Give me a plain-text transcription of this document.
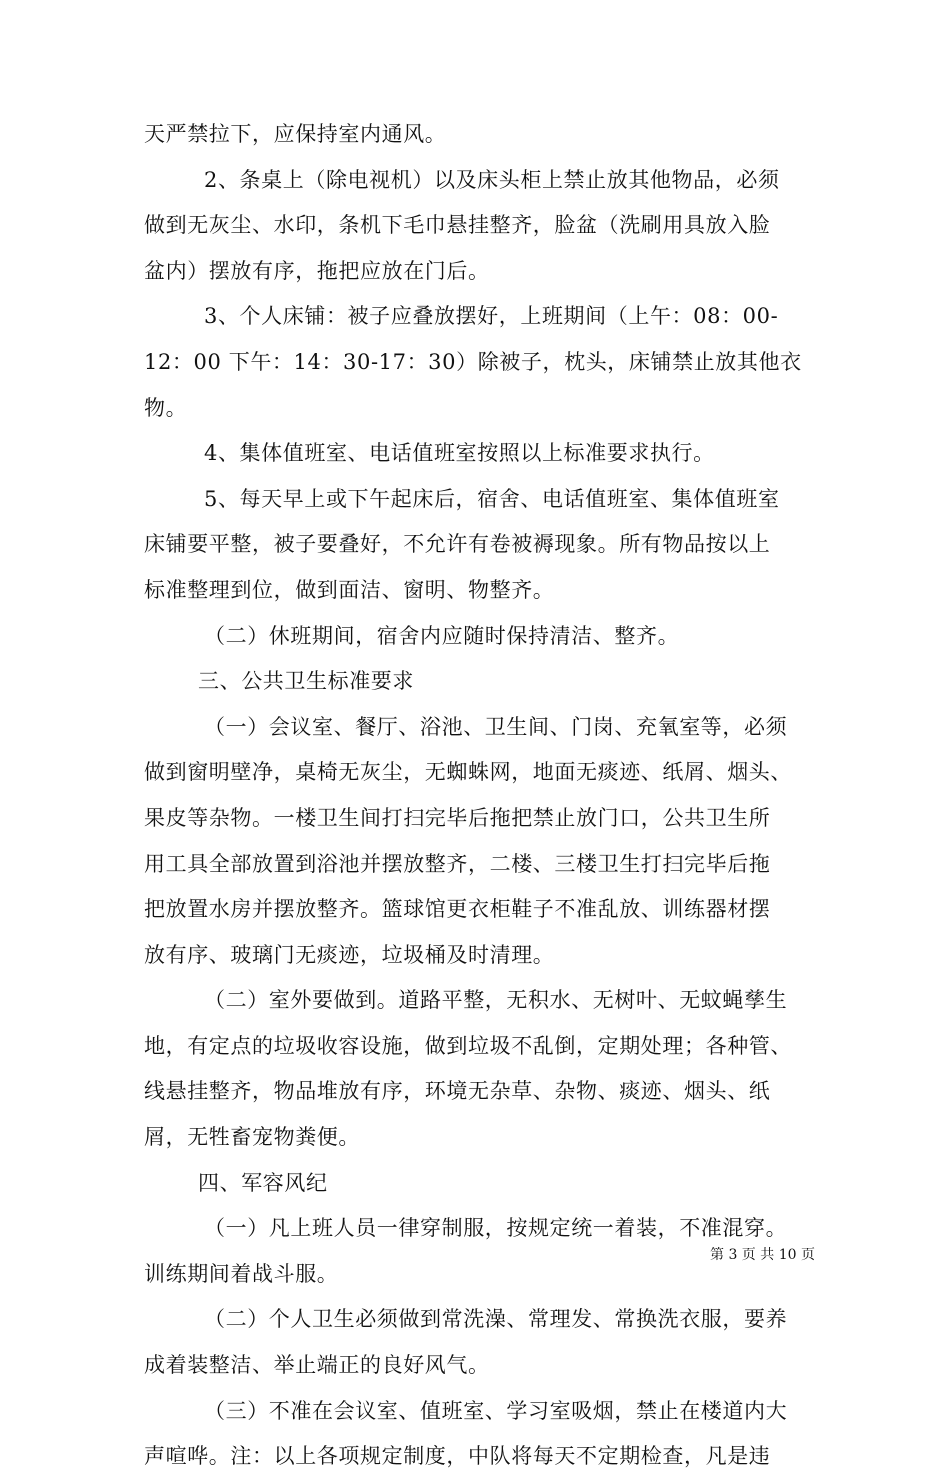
天严禁拉下，应保持室内通风。
2、条桌上（除电视机）以及床头柜上禁止放其他物品，必须
做到无灰尘、水印，条机下毛巾悬挂整齐，脸盆（洗刷用具放入脸
盆内）摆放有序，拖把应放在门后。
3、个人床铺：被子应叠放摆好，上班期间（上午：08：00-
12：00 下午：14：30-17：30）除被子，枕头，床铺禁止放其他衣
物。
4、集体值班室、电话值班室按照以上标准要求执行。
5、每天早上或下午起床后，宿舍、电话值班室、集体值班室
床铺要平整，被子要叠好，不允许有卷被褥现象。所有物品按以上
标准整理到位，做到面洁、窗明、物整齐。
（二）休班期间，宿舍内应随时保持清洁、整齐。
三、公共卫生标准要求
（一）会议室、餐厅、浴池、卫生间、门岗、充氧室等，必须
做到窗明壁净，桌椅无灰尘，无蜘蛛网，地面无痰迹、纸屑、烟头、
果皮等杂物。一楼卫生间打扫完毕后拖把禁止放门口，公共卫生所
用工具全部放置到浴池并摆放整齐，二楼、三楼卫生打扫完毕后拖
把放置水房并摆放整齐。篮球馆更衣柜鞋子不准乱放、训练器材摆
放有序、玻璃门无痰迹，垃圾桶及时清理。
（二）室外要做到。道路平整，无积水、无树叶、无蚊蝇孳生
地，有定点的垃圾收容设施，做到垃圾不乱倒，定期处理；各种管、
线悬挂整齐，物品堆放有序，环境无杂草、杂物、痰迹、烟头、纸
屑，无牲畜宠物粪便。
四、军容风纪
（一）凡上班人员一律穿制服，按规定统一着装，不准混穿。
训练期间着战斗服。
（二）个人卫生必须做到常洗澡、常理发、常换洗衣服，要养
成着装整洁、举止端正的良好风气。
（三）不准在会议室、值班室、学习室吸烟，禁止在楼道内大
声喧哗。注：以上各项规定制度，中队将每天不定期检查，凡是违
第 3 页 共 10 页
